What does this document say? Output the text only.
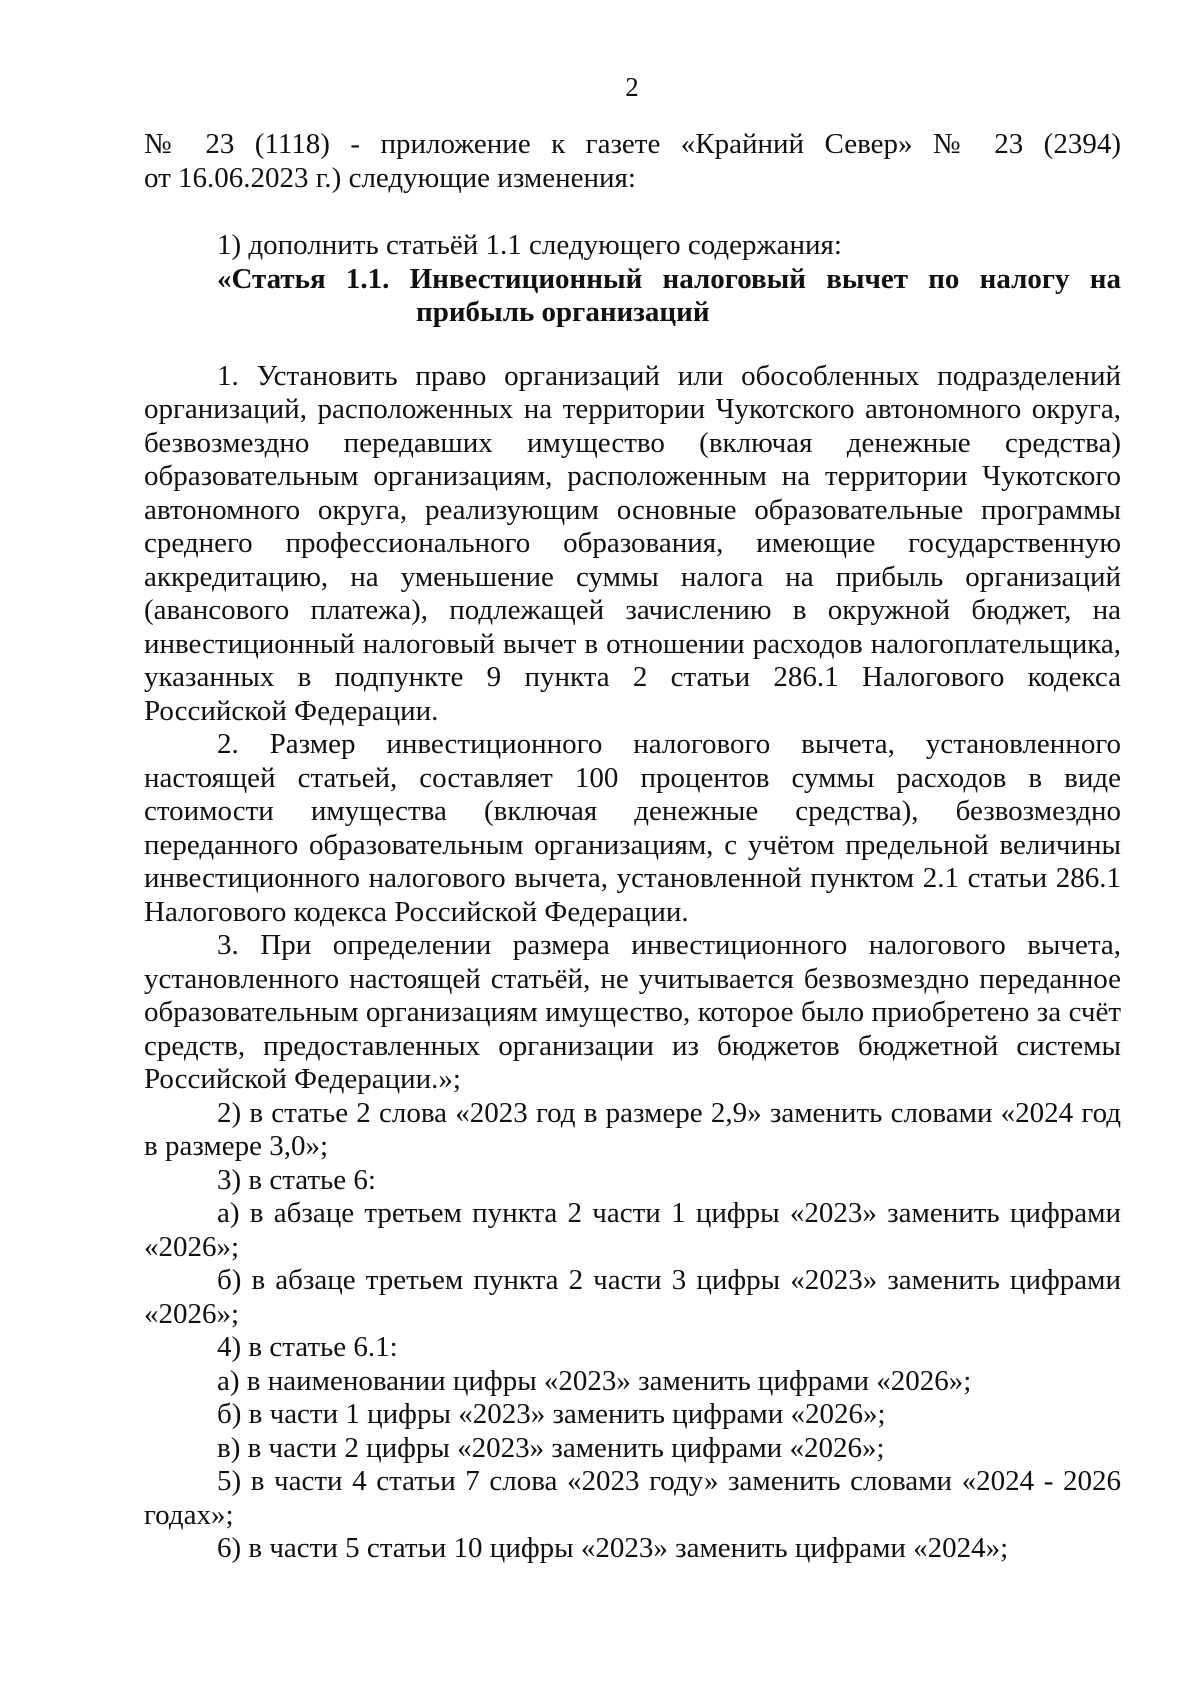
2

№ 23 (1118) - приложение к газете «Крайний Север» № 23 (2394)

от 16.06.2023 г.) следующие изменения:

1) дополнить статьёй 1.1 следующего содержания:

«Статья 1.1. Инвестиционный налоговый вычет по налогу на

прибыль организаций

1. Установить право организаций или обособленных подразделений организаций, расположенных на территории Чукотского автономного округа, безвозмездно передавших имущество (включая денежные средства) образовательным организациям, расположенным на территории Чукотского автономного округа, реализующим основные образовательные программы среднего профессионального образования, имеющие государственную аккредитацию, на уменьшение суммы налога на прибыль организаций (авансового платежа), подлежащей зачислению в окружной бюджет, на инвестиционный налоговый вычет в отношении расходов налогоплательщика, указанных в подпункте 9 пункта 2 статьи 286.1 Налогового кодекса Российской Федерации.

2. Размер инвестиционного налогового вычета, установленного настоящей статьей, составляет 100 процентов суммы расходов в виде стоимости имущества (включая денежные средства), безвозмездно переданного образовательным организациям, с учётом предельной величины инвестиционного налогового вычета, установленной пунктом 2.1 статьи 286.1 Налогового кодекса Российской Федерации.

3. При определении размера инвестиционного налогового вычета, установленного настоящей статьёй, не учитывается безвозмездно переданное образовательным организациям имущество, которое было приобретено за счёт средств, предоставленных организации из бюджетов бюджетной системы Российской Федерации.»;

2) в статье 2 слова «2023 год в размере 2,9» заменить словами «2024 год в размере 3,0»;

3) в статье 6:

а) в абзаце третьем пункта 2 части 1 цифры «2023» заменить цифрами «2026»;

б) в абзаце третьем пункта 2 части 3 цифры «2023» заменить цифрами «2026»;

4) в статье 6.1:

а) в наименовании цифры «2023» заменить цифрами «2026»;

б) в части 1 цифры «2023» заменить цифрами «2026»;

в) в части 2 цифры «2023» заменить цифрами «2026»;

5) в части 4 статьи 7 слова «2023 году» заменить словами «2024 - 2026 годах»;

6) в части 5 статьи 10 цифры «2023» заменить цифрами «2024»;
